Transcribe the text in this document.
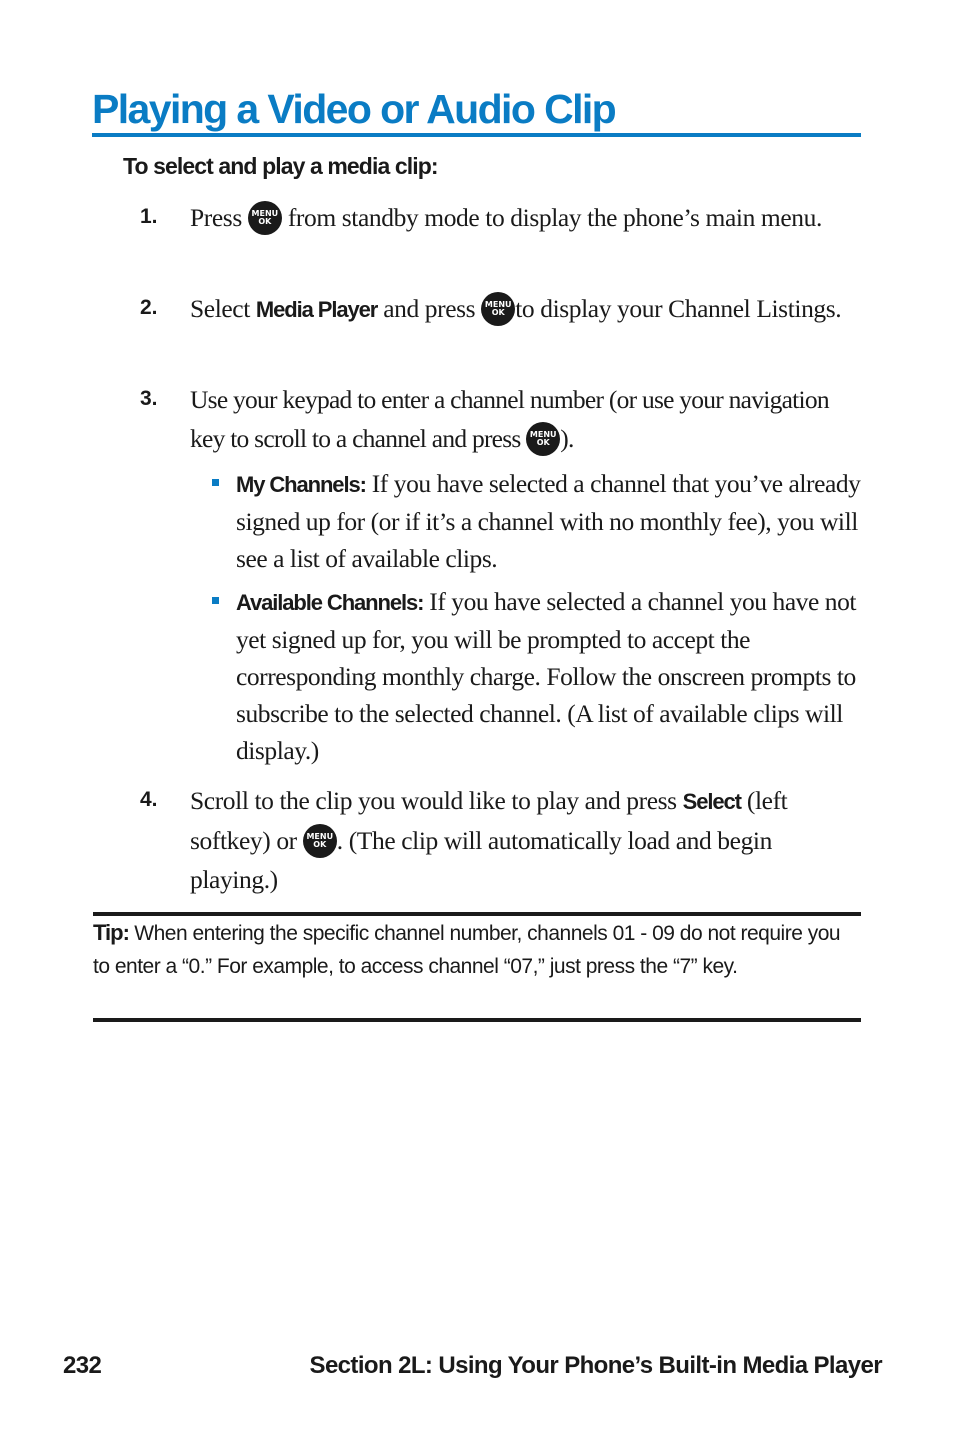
Playing a Video or Audio Clip
To select and play a media clip:
1.	Press	MENU
OK from standby mode to display the phone’s main menu.
2.	Select Media Player and press	MENU
OK to display your Channel Listings.
3.	Use your keypad to enter a channel number (or use your navigation key to scroll to a channel and press	MENU
OK ).
My Channels: If you have selected a channel that you’ve already signed up for (or if it’s a channel with no monthly fee), you will see a list of available clips.
Available Channels: If you have selected a channel you have not yet signed up for, you will be prompted to accept the corresponding monthly charge. Follow the onscreen prompts to subscribe to the selected channel. (A list of available clips will display.)
4.	Scroll to the clip you would like to play and press Select (left softkey) or	MENU
OK . (The clip will automatically load and begin playing.)
Tip: When entering the specific channel number, channels 01 - 09 do not require you to enter a “0.” For example, to access channel “07,” just press the “7” key.
232	Section 2L: Using Your Phone’s Built-in Media Player
